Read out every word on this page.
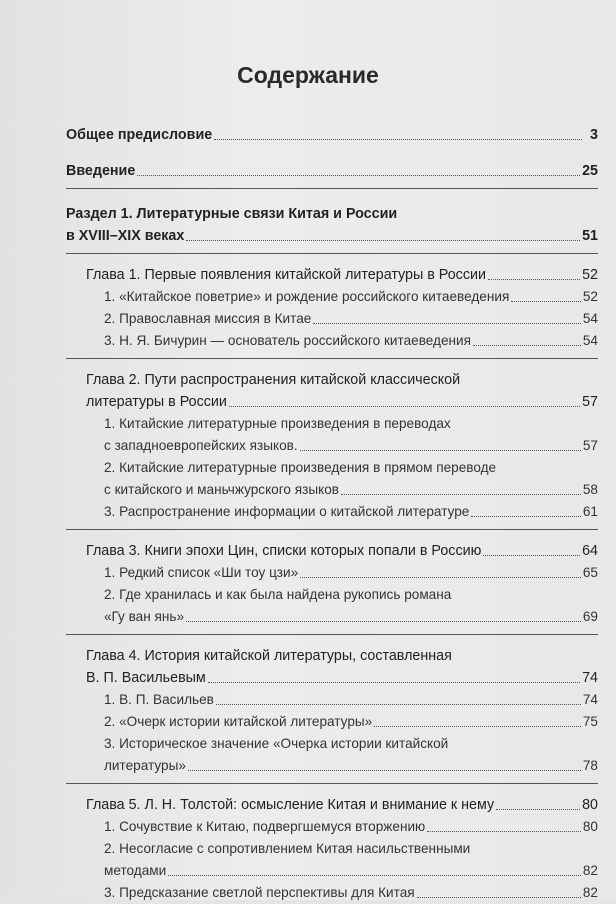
Содержание
Общее предисловие	3
Введение	25
Раздел 1. Литературные связи Китая и России
в XVIII–XIX веках	51
Глава 1. Первые появления китайской литературы в России	52
1. «Китайское поветрие» и рождение российского китаеведения	52
2. Православная миссия в Китае	54
3. Н. Я. Бичурин — основатель российского китаеведения	54
Глава 2. Пути распространения китайской классической
литературы в России	57
1. Китайские литературные произведения в переводах
с западноевропейских языков.	57
2. Китайские литературные произведения в прямом переводе
с китайского и маньчжурского языков	58
3. Распространение информации о китайской литературе	61
Глава 3. Книги эпохи Цин, списки которых попали в Россию	64
1. Редкий список «Ши тоу цзи»	65
2. Где хранилась и как была найдена рукопись романа
«Гу ван янь»	69
Глава 4. История китайской литературы, составленная
В. П. Васильевым	74
1. В. П. Васильев	74
2. «Очерк истории китайской литературы»	75
3. Историческое значение «Очерка истории китайской
литературы»	78
Глава 5. Л. Н. Толстой: осмысление Китая и внимание к нему	80
1. Сочувствие к Китаю, подвергшемуся вторжению	80
2. Несогласие с сопротивлением Китая насильственными
методами	82
3. Предсказание светлой перспективы для Китая	82
